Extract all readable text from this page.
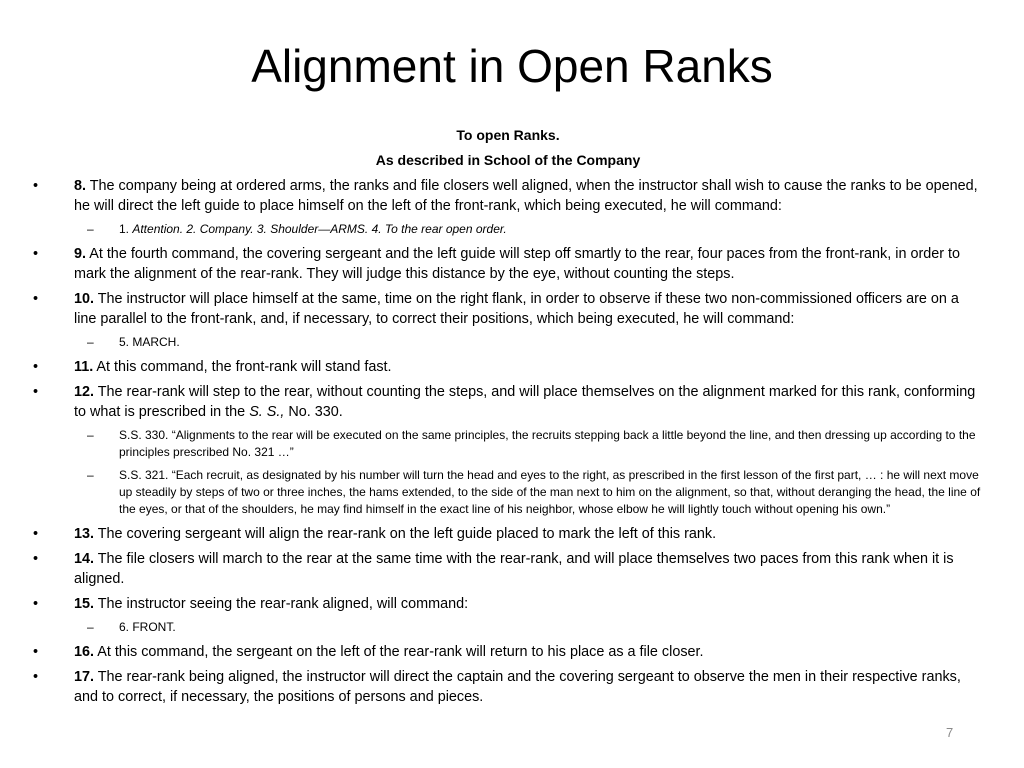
Alignment in Open Ranks
To open Ranks.
As described in School of the Company
•	8. The company being at ordered arms, the ranks and file closers well aligned, when the instructor shall wish to cause the ranks to be opened, he will direct the left guide to place himself on the left of the front-rank, which being executed, he will command:
– 1. Attention. 2. Company. 3. Shoulder—ARMS. 4. To the rear open order.
•	9. At the fourth command, the covering sergeant and the left guide will step off smartly to the rear, four paces from the front-rank, in order to mark the alignment of the rear-rank. They will judge this distance by the eye, without counting the steps.
•	10. The instructor will place himself at the same, time on the right flank, in order to observe if these two non-commissioned officers are on a line parallel to the front-rank, and, if necessary, to correct their positions, which being executed, he will command:
– 5. MARCH.
•	11. At this command, the front-rank will stand fast.
•	12. The rear-rank will step to the rear, without counting the steps, and will place themselves on the alignment marked for this rank, conforming to what is prescribed in the S. S., No. 330.
– S.S. 330. “Alignments to the rear will be executed on the same principles, the recruits stepping back a little beyond the line, and then dressing up according to the principles prescribed No. 321 …”
– S.S. 321. “Each recruit, as designated by his number will turn the head and eyes to the right, as prescribed in the first lesson of the first part, … : he will next move up steadily by steps of two or three inches, the hams extended, to the side of the man next to him on the alignment, so that, without deranging the head, the line of the eyes, or that of the shoulders, he may find himself in the exact line of his neighbor, whose elbow he will lightly touch without opening his own.”
•	13. The covering sergeant will align the rear-rank on the left guide placed to mark the left of this rank.
•	14. The file closers will march to the rear at the same time with the rear-rank, and will place themselves two paces from this rank when it is aligned.
•	15. The instructor seeing the rear-rank aligned, will command:
– 6. FRONT.
•	16. At this command, the sergeant on the left of the rear-rank will return to his place as a file closer.
•	17. The rear-rank being aligned, the instructor will direct the captain and the covering sergeant to observe the men in their respective ranks, and to correct, if necessary, the positions of persons and pieces.
7
